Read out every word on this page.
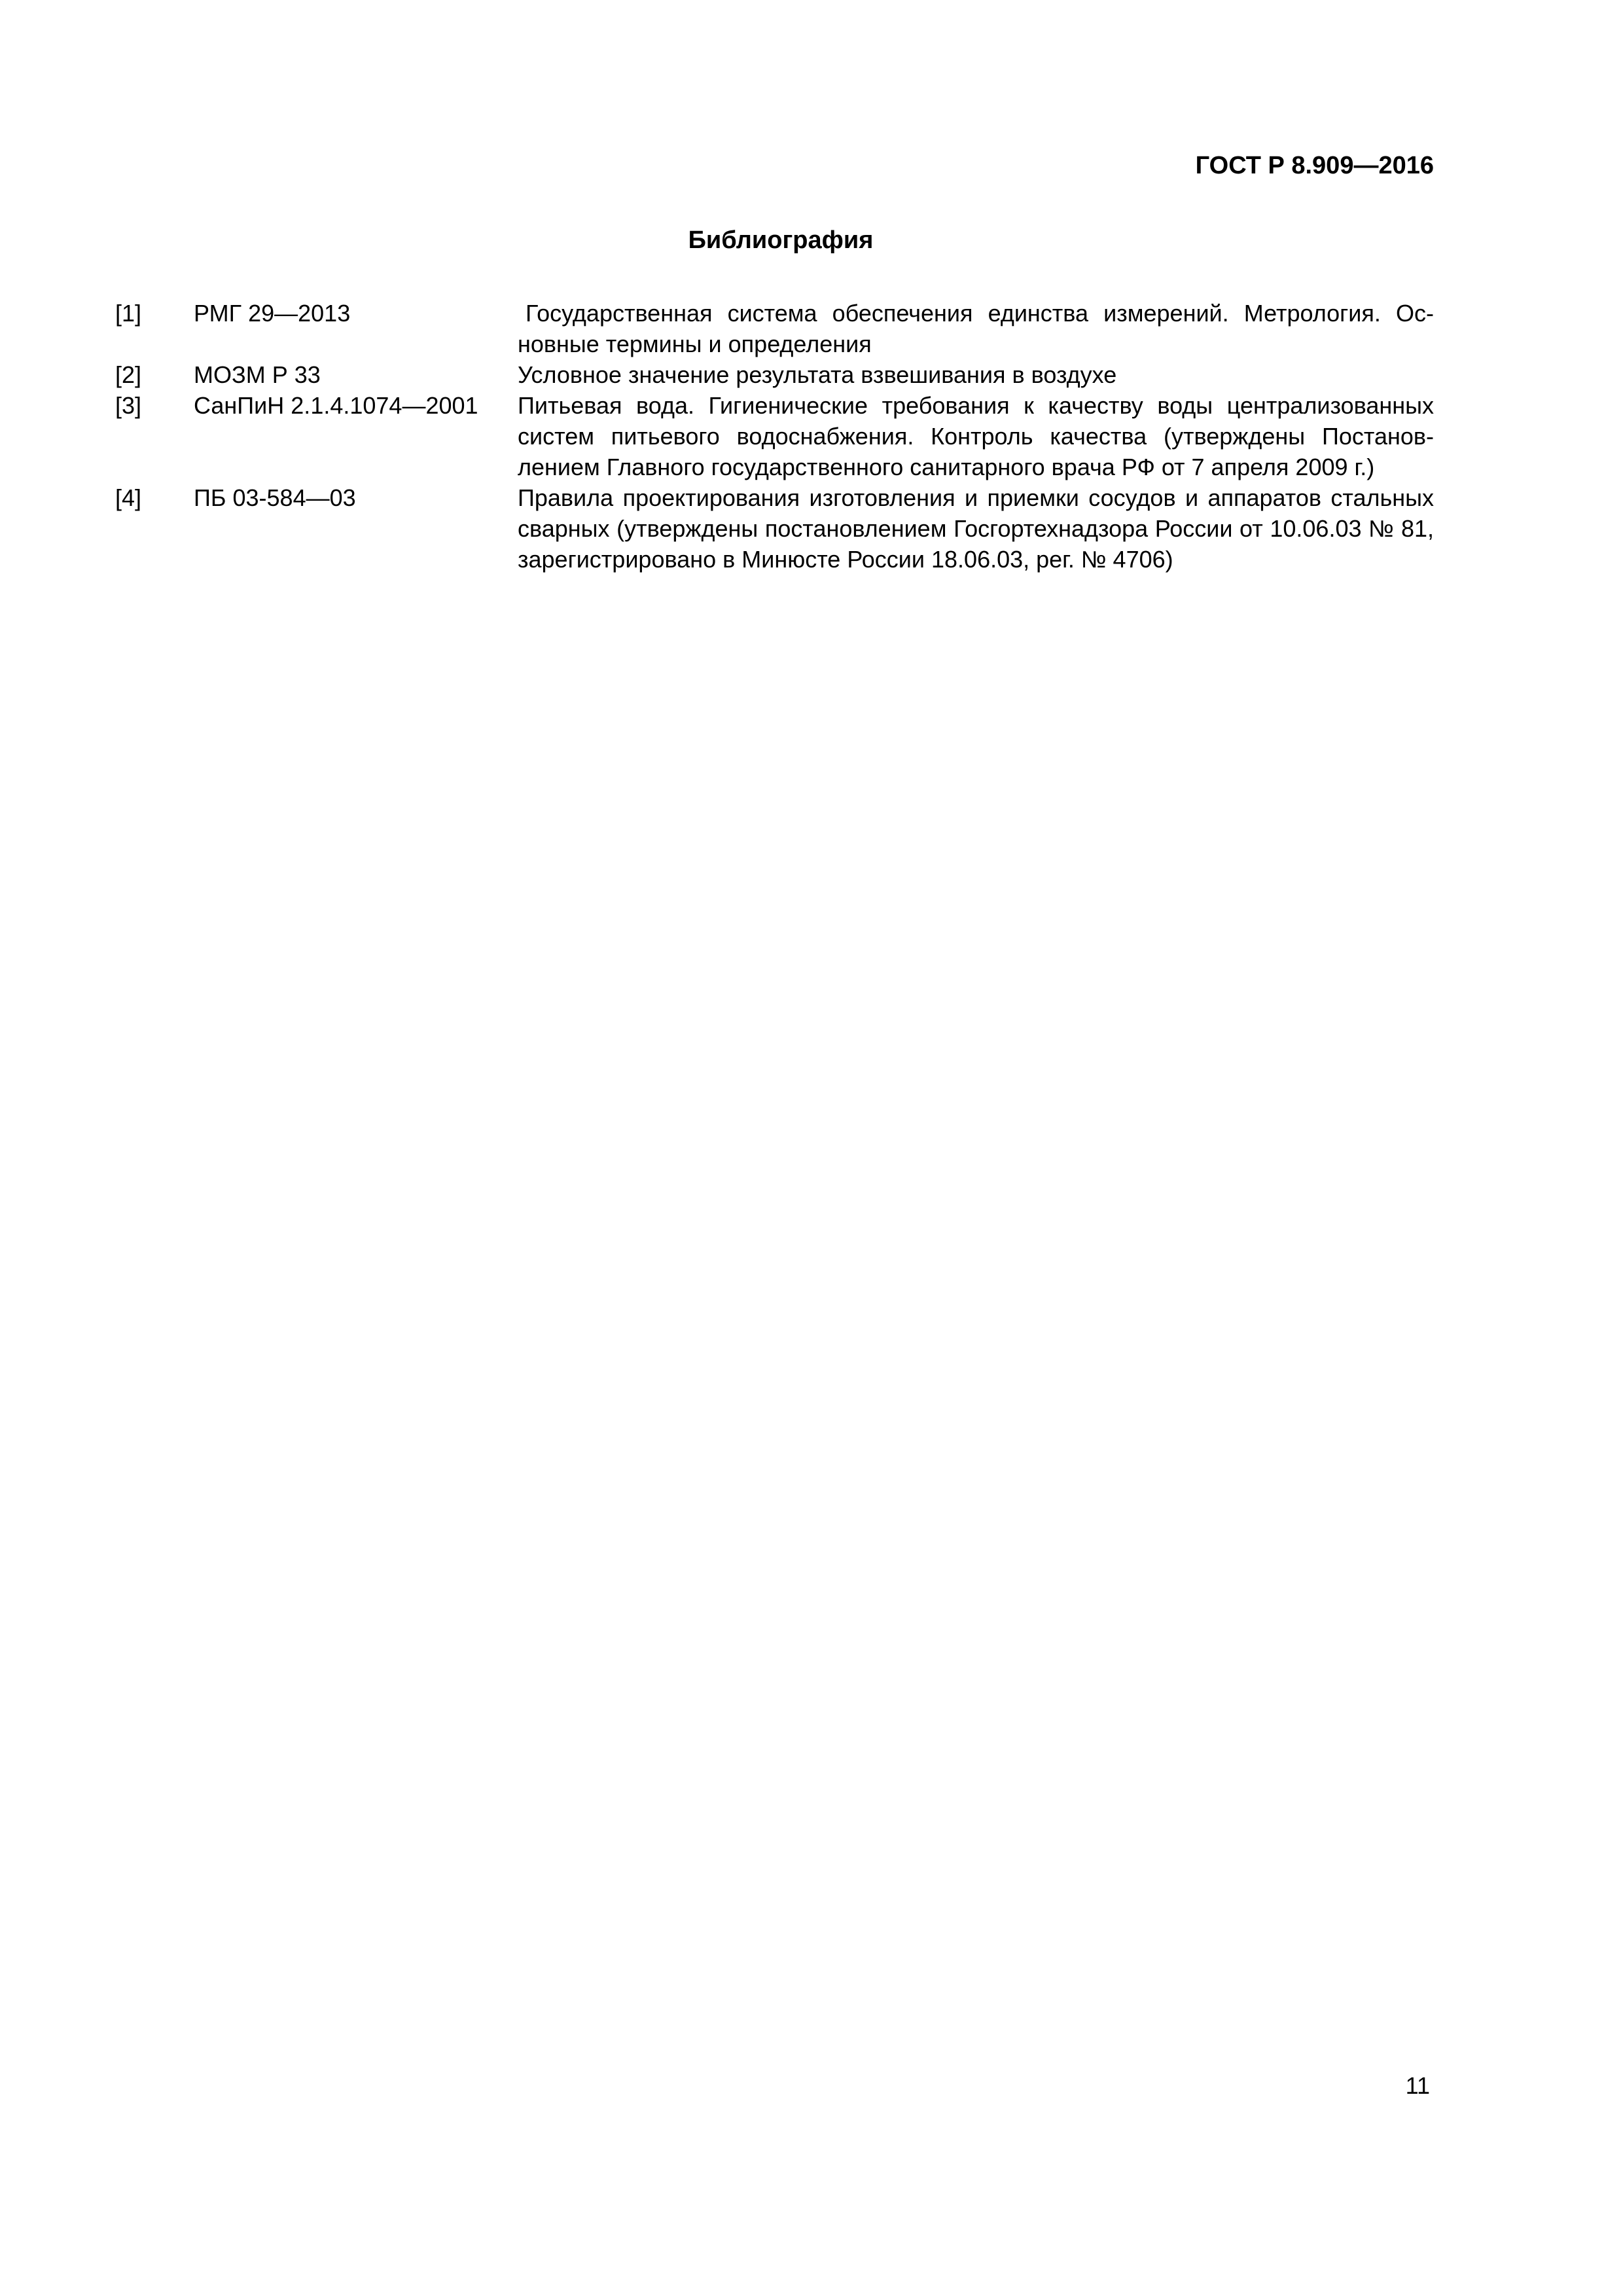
ГОСТ Р 8.909—2016

Библиография
[1]	РМГ 29—2013	Государственная система обеспечения единства измерений. Метрология. Основные термины и определения
[2]	МОЗМ Р 33	Условное значение результата взвешивания в воздухе
[3]	СанПиН 2.1.4.1074—2001	Питьевая вода. Гигиенические требования к качеству воды централизованных систем питьевого водоснабжения. Контроль качества (утверждены Постановлением Главного государственного санитарного врача РФ от 7 апреля 2009 г.)
[4]	ПБ 03-584—03	Правила проектирования изготовления и приемки сосудов и аппаратов стальных сварных (утверждены постановлением Госгортехнадзора России от 10.06.03 № 81, зарегистрировано в Минюсте России 18.06.03, рег. № 4706)

11
